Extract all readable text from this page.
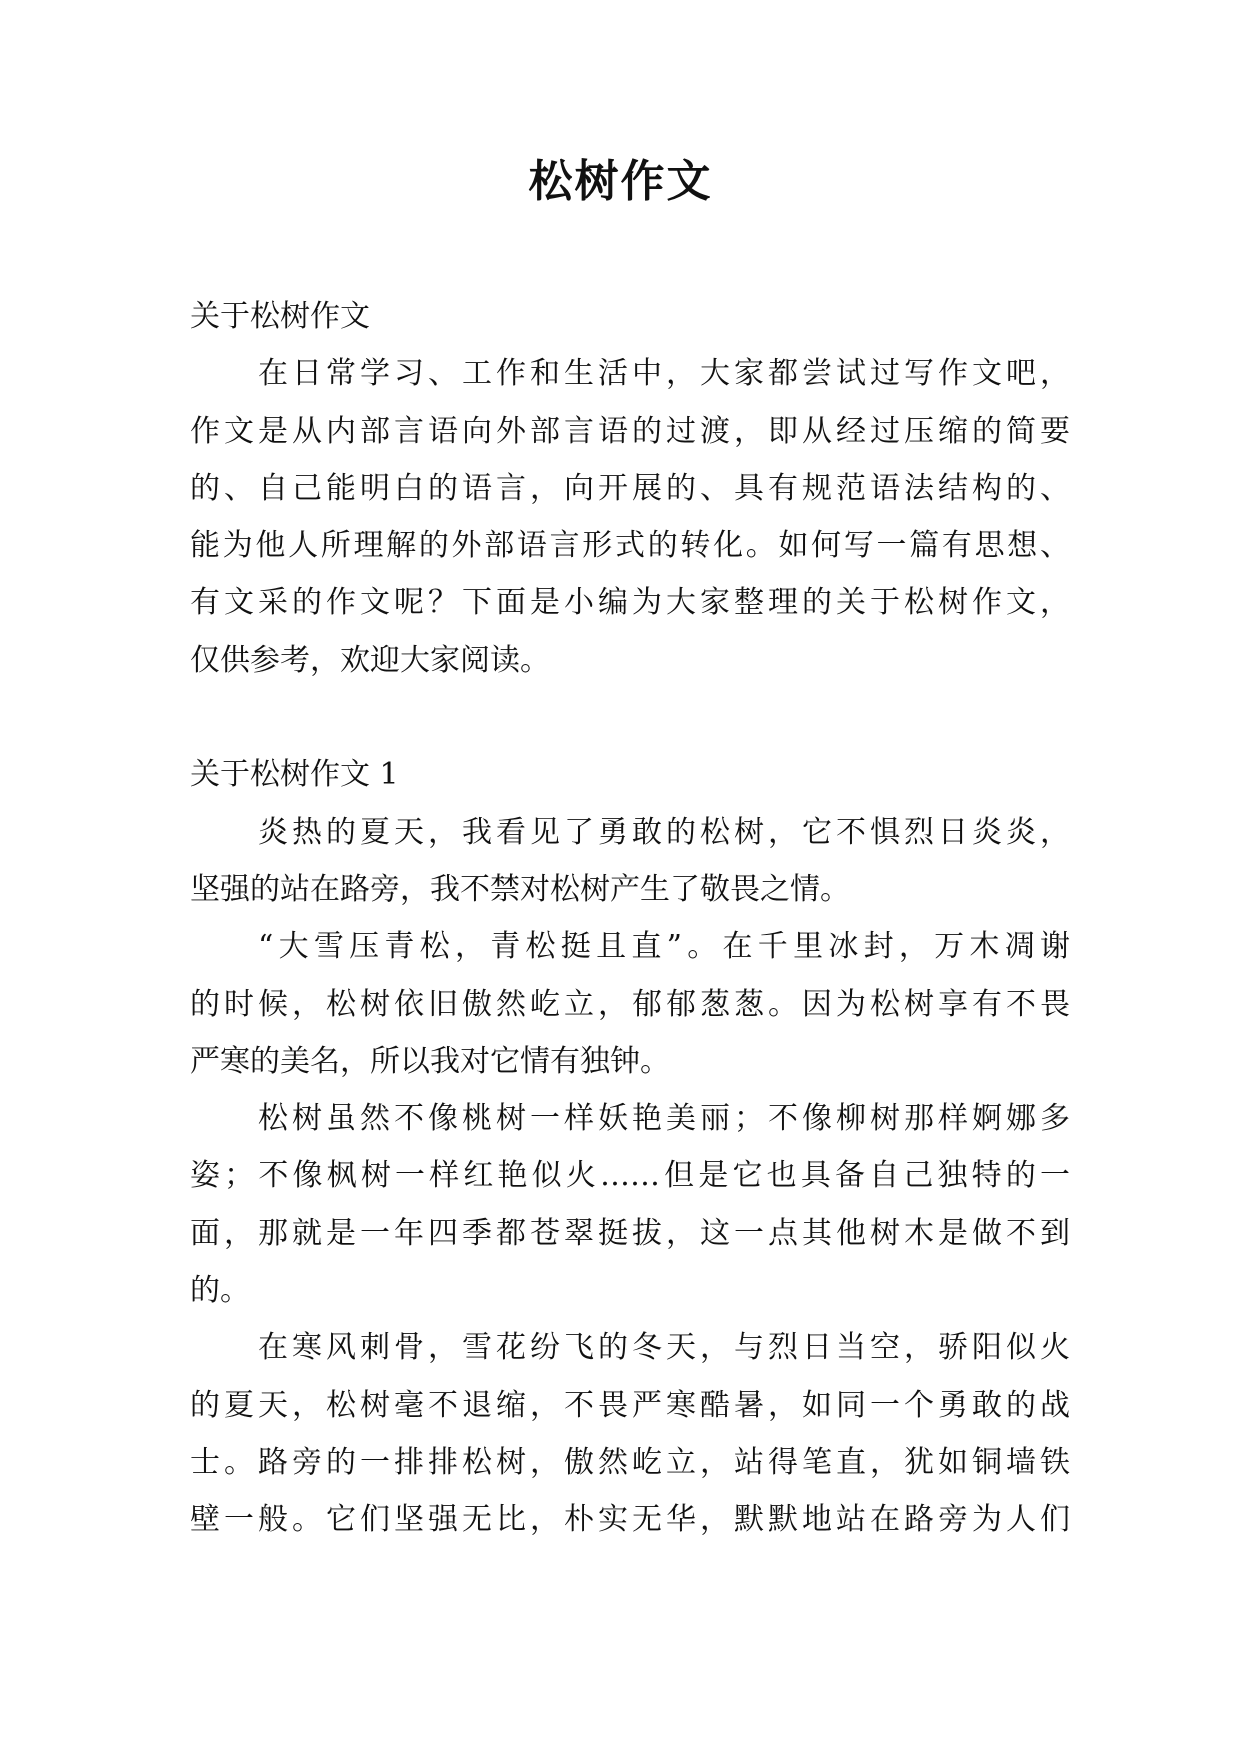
松树作文
关于松树作文
在日常学习、工作和生活中，大家都尝试过写作文吧，
作文是从内部言语向外部言语的过渡，即从经过压缩的简要
的、自己能明白的语言，向开展的、具有规范语法结构的、
能为他人所理解的外部语言形式的转化。如何写一篇有思想、
有文采的作文呢？下面是小编为大家整理的关于松树作文，
仅供参考，欢迎大家阅读。
关于松树作文 1
炎热的夏天，我看见了勇敢的松树，它不惧烈日炎炎，
坚强的站在路旁，我不禁对松树产生了敬畏之情。
“大雪压青松，青松挺且直”。在千里冰封，万木凋谢
的时候，松树依旧傲然屹立，郁郁葱葱。因为松树享有不畏
严寒的美名，所以我对它情有独钟。
松树虽然不像桃树一样妖艳美丽；不像柳树那样婀娜多
姿；不像枫树一样红艳似火……但是它也具备自己独特的一
面，那就是一年四季都苍翠挺拔，这一点其他树木是做不到
的。
在寒风刺骨，雪花纷飞的冬天，与烈日当空，骄阳似火
的夏天，松树毫不退缩，不畏严寒酷暑，如同一个勇敢的战
士。路旁的一排排松树，傲然屹立，站得笔直，犹如铜墙铁
壁一般。它们坚强无比，朴实无华，默默地站在路旁为人们
